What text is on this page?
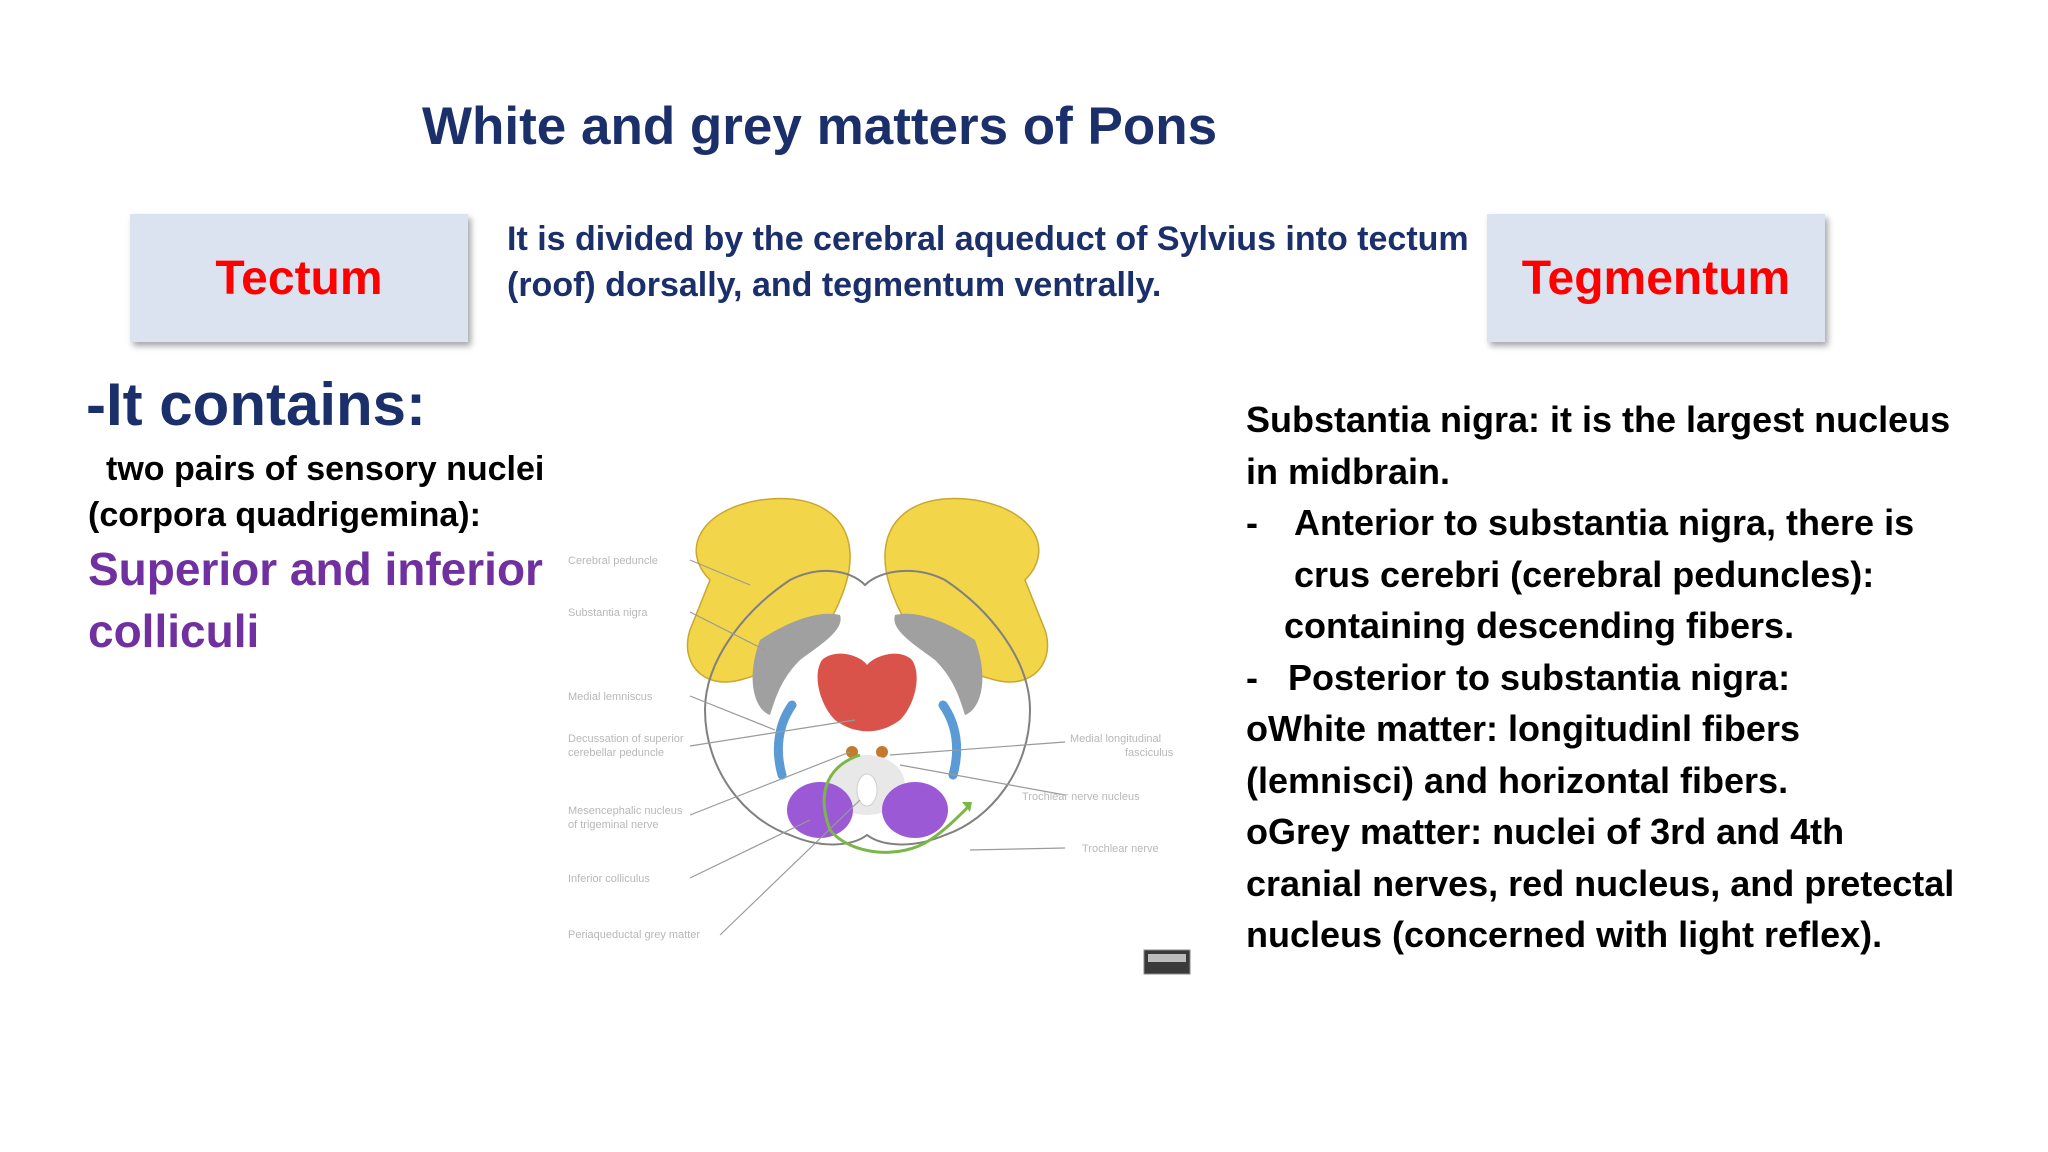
White and grey matters of Pons
Tectum
It is divided by the cerebral aqueduct of Sylvius into tectum (roof) dorsally, and tegmentum ventrally.	Tegmentum
-It contains:
two pairs of sensory nuclei
(corpora quadrigemina):
Superior and inferior colliculi
Cerebral peduncle
Substantia nigra
Medial lemniscus
Decussation of superior
cerebellar peduncle
Mesencephalic nucleus
of trigeminal nerve
Inferior colliculus
Periaqueductal grey matter
Medial longitudinal
fasciculus
Trochlear nerve nucleus
Trochlear nerve
Substantia nigra: it is the largest nucleus
in midbrain.
-	Anterior to substantia nigra, there is
crus cerebri (cerebral peduncles):
containing descending fibers.
- Posterior to substantia nigra:
oWhite matter: longitudinl fibers
(lemnisci) and horizontal fibers.
oGrey matter: nuclei of 3rd and 4th
cranial nerves, red nucleus, and pretectal
nucleus (concerned with light reflex).
